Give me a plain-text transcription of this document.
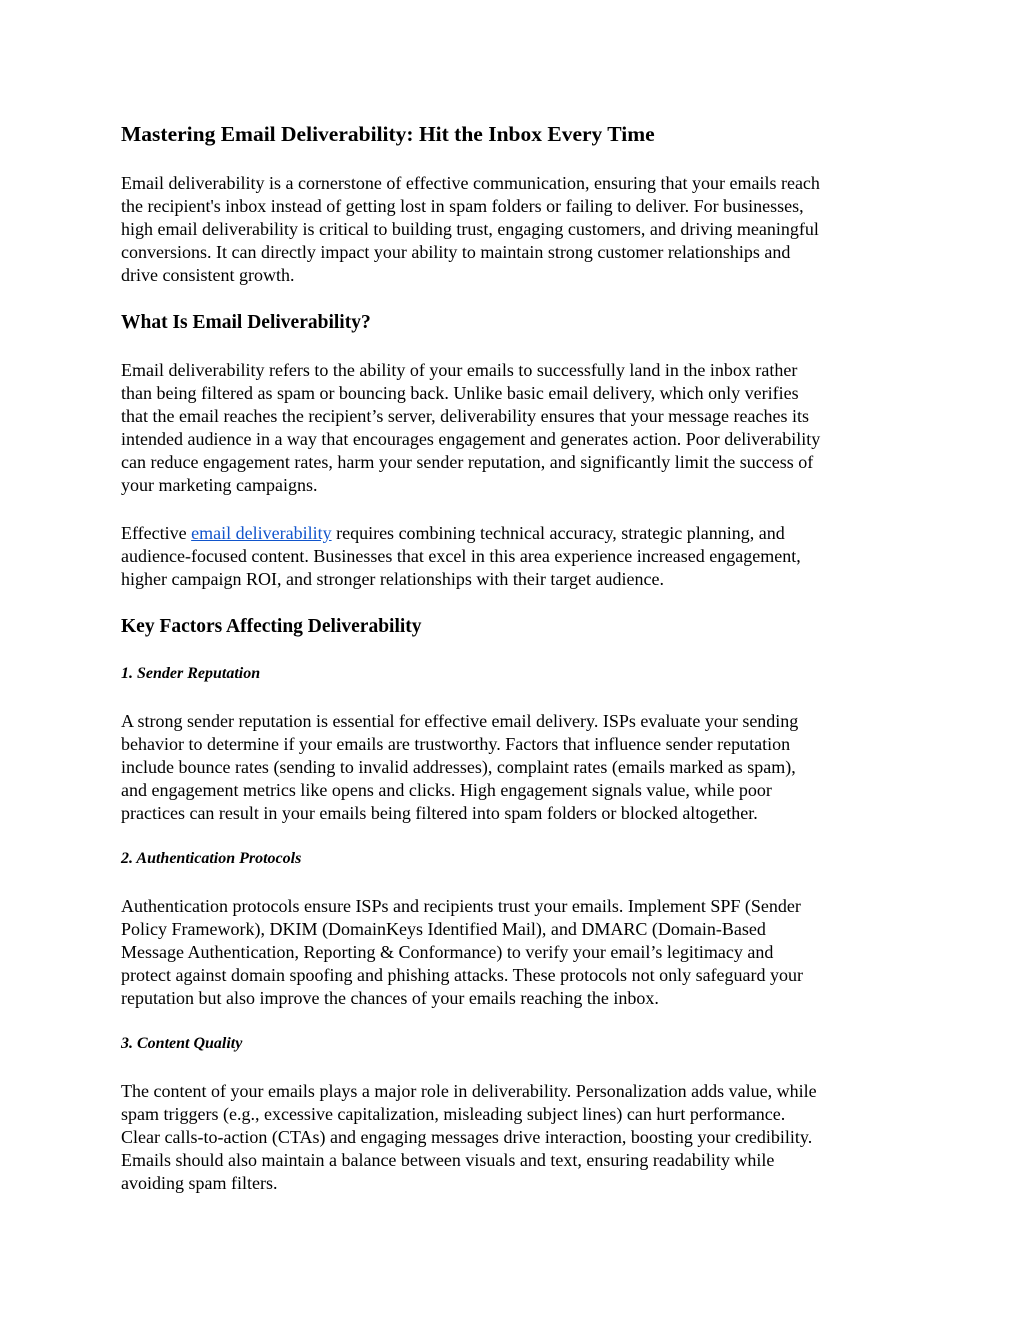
Mastering Email Deliverability: Hit the Inbox Every Time

Email deliverability is a cornerstone of effective communication, ensuring that your emails reach
the recipient's inbox instead of getting lost in spam folders or failing to deliver. For businesses,
high email deliverability is critical to building trust, engaging customers, and driving meaningful
conversions. It can directly impact your ability to maintain strong customer relationships and
drive consistent growth.

What Is Email Deliverability?

Email deliverability refers to the ability of your emails to successfully land in the inbox rather
than being filtered as spam or bouncing back. Unlike basic email delivery, which only verifies
that the email reaches the recipient’s server, deliverability ensures that your message reaches its
intended audience in a way that encourages engagement and generates action. Poor deliverability
can reduce engagement rates, harm your sender reputation, and significantly limit the success of
your marketing campaigns.

Effective email deliverability requires combining technical accuracy, strategic planning, and
audience-focused content. Businesses that excel in this area experience increased engagement,
higher campaign ROI, and stronger relationships with their target audience.

Key Factors Affecting Deliverability
1. Sender Reputation

A strong sender reputation is essential for effective email delivery. ISPs evaluate your sending
behavior to determine if your emails are trustworthy. Factors that influence sender reputation
include bounce rates (sending to invalid addresses), complaint rates (emails marked as spam),
and engagement metrics like opens and clicks. High engagement signals value, while poor
practices can result in your emails being filtered into spam folders or blocked altogether.

2. Authentication Protocols

Authentication protocols ensure ISPs and recipients trust your emails. Implement SPF (Sender
Policy Framework), DKIM (DomainKeys Identified Mail), and DMARC (Domain-Based
Message Authentication, Reporting & Conformance) to verify your email’s legitimacy and
protect against domain spoofing and phishing attacks. These protocols not only safeguard your
reputation but also improve the chances of your emails reaching the inbox.

3. Content Quality

The content of your emails plays a major role in deliverability. Personalization adds value, while
spam triggers (e.g., excessive capitalization, misleading subject lines) can hurt performance.
Clear calls-to-action (CTAs) and engaging messages drive interaction, boosting your credibility.
Emails should also maintain a balance between visuals and text, ensuring readability while
avoiding spam filters.
